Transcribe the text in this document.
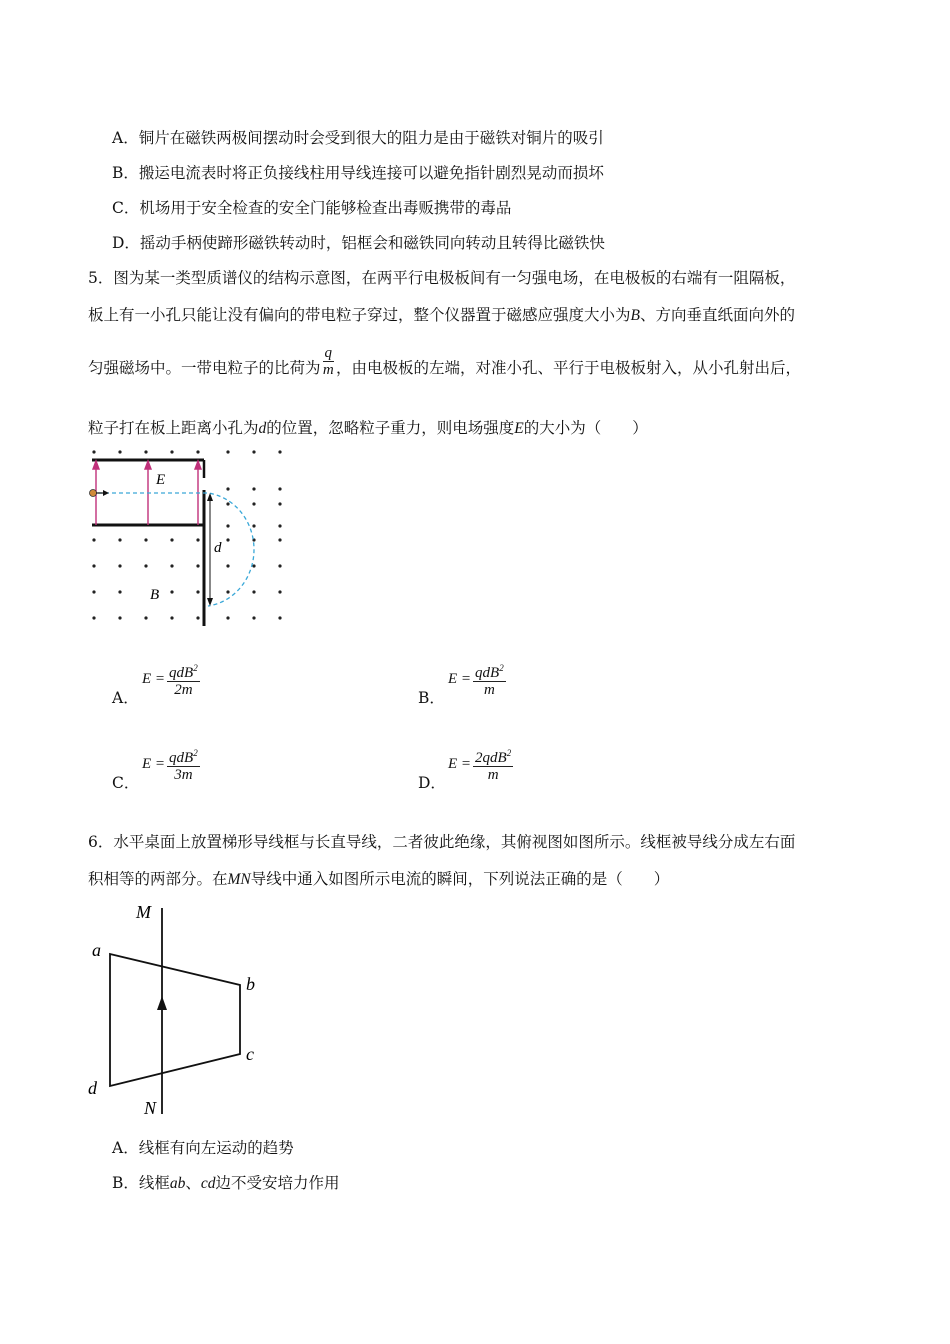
A．铜片在磁铁两极间摆动时会受到很大的阻力是由于磁铁对铜片的吸引
B．搬运电流表时将正负接线柱用导线连接可以避免指针剧烈晃动而损坏
C．机场用于安全检查的安全门能够检查出毒贩携带的毒品
D．摇动手柄使蹄形磁铁转动时，铝框会和磁铁同向转动且转得比磁铁快
5．图为某一类型质谱仪的结构示意图，在两平行电极板间有一匀强电场，在电极板的右端有一阻隔板，
板上有一小孔只能让没有偏向的带电粒子穿过，整个仪器置于磁感应强度大小为B、方向垂直纸面向外的
匀强磁场中。一带电粒子的比荷为 $\frac{q}{m}$ ，由电极板的左端，对准小孔、平行于电极板射入，从小孔射出后，
粒子打在板上距离小孔为d的位置，忽略粒子重力，则电场强度E的大小为（　　）
E
d
B
A．
$E = \frac{qdB^2}{2m}$	B．
$E = \frac{qdB^2}{m}$
C．
$E = \frac{qdB^2}{3m}$	D．
$E = \frac{2qdB^2}{m}$
6．水平桌面上放置梯形导线框与长直导线，二者彼此绝缘，其俯视图如图所示。线框被导线分成左右面
积相等的两部分。在MN导线中通入如图所示电流的瞬间，下列说法正确的是（　　）
M
N
a
b
c
d
A．线框有向左运动的趋势
B．线框ab、cd边不受安培力作用
